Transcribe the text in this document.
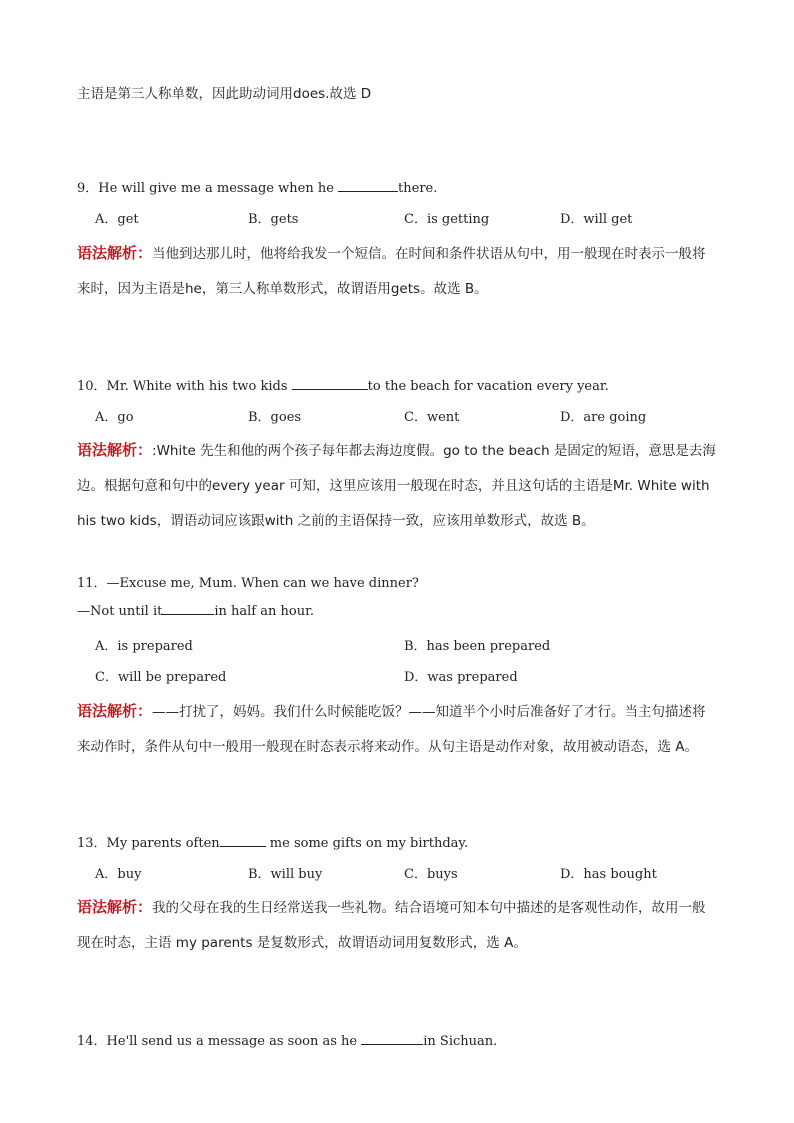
主语是第三人称单数，因此助动词用does.故选 D
9．He will give me a message when he	there.
A．get	B．gets	C．is getting	D．will get
语法解析：当他到达那儿时，他将给我发一个短信。在时间和条件状语从句中，用一般现在时表示一般将来时，因为主语是he，第三人称单数形式，故谓语用gets。故选 B。
10．Mr. White with his two kids	to the beach for vacation every year.
A．go	B．goes	C．went	D．are going
语法解析：:White 先生和他的两个孩子每年都去海边度假。go to the beach 是固定的短语，意思是去海边。根据句意和句中的every year 可知，这里应该用一般现在时态，并且这句话的主语是Mr. White with his two kids，谓语动词应该跟with 之前的主语保持一致，应该用单数形式，故选 B。
11．—Excuse me, Mum. When can we have dinner?
—Not until it	in half an hour.
A．is prepared	B．has been prepared
C．will be prepared	D．was prepared
语法解析：——打扰了，妈妈。我们什么时候能吃饭？——知道半个小时后准备好了才行。当主句描述将来动作时，条件从句中一般用一般现在时态表示将来动作。从句主语是动作对象，故用被动语态，选 A。
13．My parents often	me some gifts on my birthday.
A．buy	B．will buy	C．buys	D．has bought
语法解析：我的父母在我的生日经常送我一些礼物。结合语境可知本句中描述的是客观性动作，故用一般现在时态，主语 my parents 是复数形式，故谓语动词用复数形式，选 A。
14．He'll send us a message as soon as he	in Sichuan.
